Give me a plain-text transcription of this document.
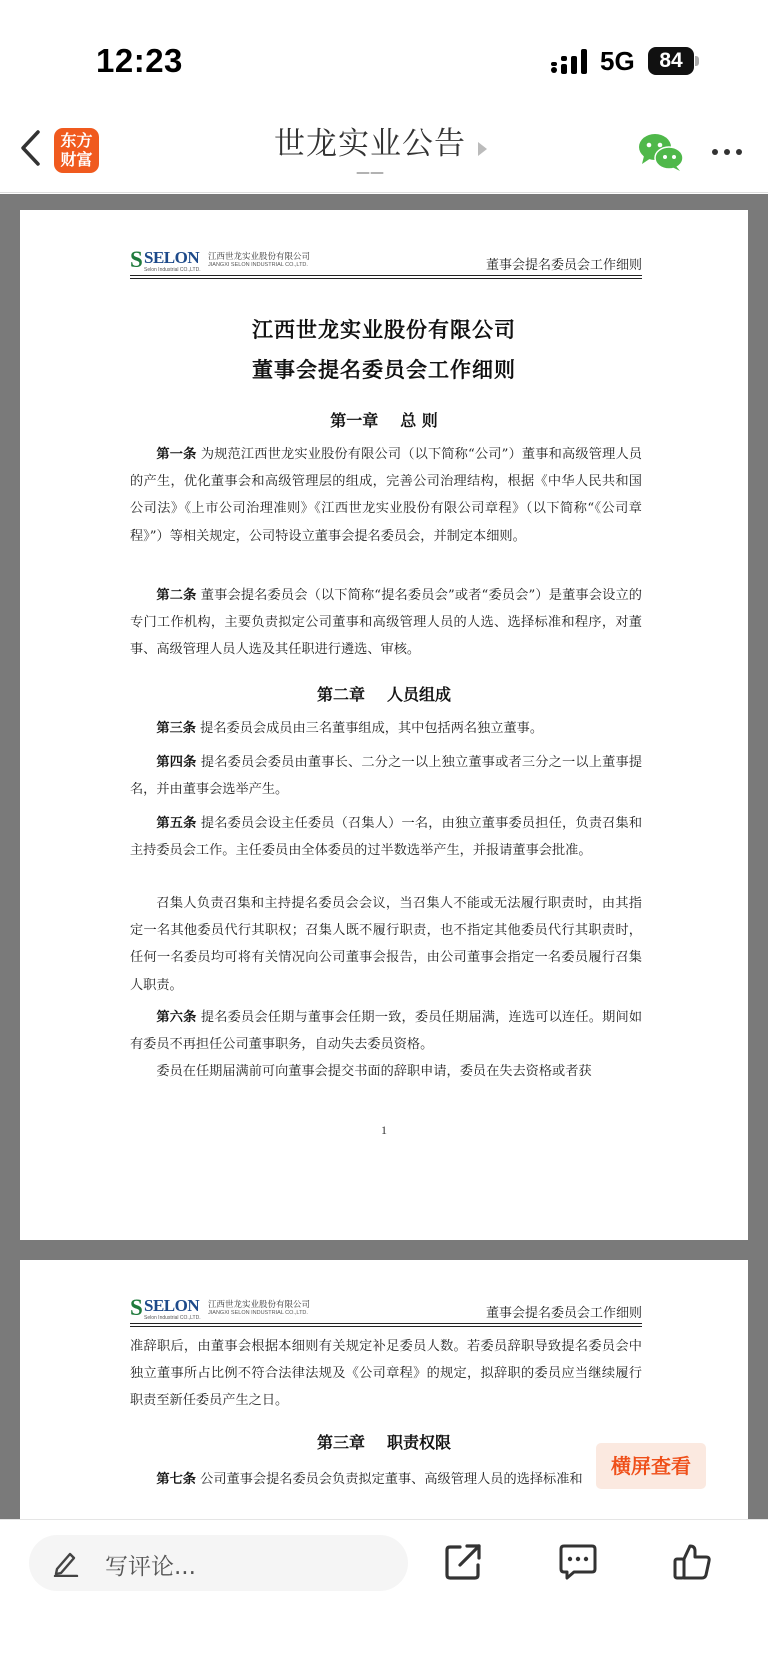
12:23	5G	84
东方财富	世龙实业公告
——
S SELON
Selon Industrial CO.,LTD.
江西世龙实业股份有限公司
JIANGXI SELON INDUSTRIAL CO.,LTD.	董事会提名委员会工作细则
江西世龙实业股份有限公司
董事会提名委员会工作细则
第一章 总 则
第一条 为规范江西世龙实业股份有限公司（以下简称“公司”）董事和高级管理人员的产生，优化董事会和高级管理层的组成，完善公司治理结构，根据《中华人民共和国公司法》《上市公司治理准则》《江西世龙实业股份有限公司章程》（以下简称“《公司章程》”）等相关规定，公司特设立董事会提名委员会，并制定本细则。
第二条 董事会提名委员会（以下简称“提名委员会”或者“委员会”）是董事会设立的专门工作机构，主要负责拟定公司董事和高级管理人员的人选、选择标准和程序，对董事、高级管理人员人选及其任职进行遴选、审核。
第二章 人员组成
第三条 提名委员会成员由三名董事组成，其中包括两名独立董事。
第四条 提名委员会委员由董事长、二分之一以上独立董事或者三分之一以上董事提名，并由董事会选举产生。
第五条 提名委员会设主任委员（召集人）一名，由独立董事委员担任，负责召集和主持委员会工作。主任委员由全体委员的过半数选举产生，并报请董事会批准。
召集人负责召集和主持提名委员会会议，当召集人不能或无法履行职责时，由其指定一名其他委员代行其职权；召集人既不履行职责，也不指定其他委员代行其职责时，任何一名委员均可将有关情况向公司董事会报告，由公司董事会指定一名委员履行召集人职责。
第六条 提名委员会任期与董事会任期一致，委员任期届满，连选可以连任。期间如有委员不再担任公司董事职务，自动失去委员资格。
委员在任期届满前可向董事会提交书面的辞职申请，委员在失去资格或者获
1
S SELON
Selon Industrial CO.,LTD.
江西世龙实业股份有限公司
JIANGXI SELON INDUSTRIAL CO.,LTD.	董事会提名委员会工作细则
准辞职后，由董事会根据本细则有关规定补足委员人数。若委员辞职导致提名委员会中独立董事所占比例不符合法律法规及《公司章程》的规定，拟辞职的委员应当继续履行职责至新任委员产生之日。
第三章 职责权限
第七条 公司董事会提名委员会负责拟定董事、高级管理人员的选择标准和
横屏查看
写评论...
